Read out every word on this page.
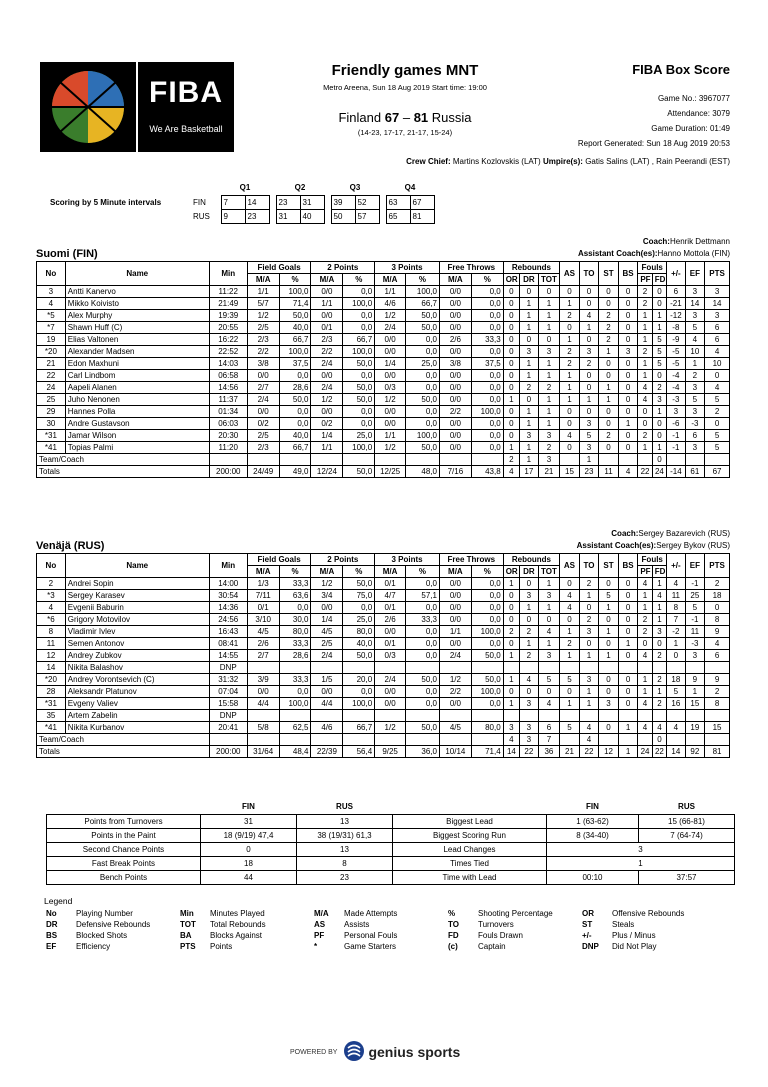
FIBA
We Are Basketball
Friendly games MNT
Metro Areena, Sun 18 Aug 2019 Start time: 19:00
Finland 67 – 81 Russia
(14-23, 17-17, 21-17, 15-24)
FIBA Box Score
Game No.: 3967077
Attendance: 3079
Game Duration: 01:49
Report Generated: Sun 18 Aug 2019 20:53
Crew Chief: Martins Kozlovskis (LAT) Umpire(s): Gatis Salins (LAT) , Rain Peerandi (EST)
		Q1			Q2			Q3			Q4	
Scoring by 5 Minute intervals	FIN	7	14		23	31		39	52		63	67
	RUS	9	23		31	40		50	57		65	81
Coach:Henrik Dettmann
Suomi (FIN)	Assistant Coach(es):Hanno Mottola (FIN)
No	Name	Min	Field Goals		2 Points		3 Points		Free Throws		Rebounds			AS	TO	ST	BS	Fouls		+/-	EF	PTS
			M/A	%	M/A	%	M/A	%	M/A	%	OR	DR	TOT					PF	FD			
3	Antti Kanervo	11:22	1/1	100,0	0/0	0,0	1/1	100,0	0/0	0,0	0	0	0	0	0	0	0	2	0	6	3	3
4	Mikko Koivisto	21:49	5/7	71,4	1/1	100,0	4/6	66,7	0/0	0,0	0	1	1	1	0	0	0	2	0	-21	14	14
*5	Alex Murphy	19:39	1/2	50,0	0/0	0,0	1/2	50,0	0/0	0,0	0	1	1	2	4	2	0	1	1	-12	3	3
*7	Shawn Huff (C)	20:55	2/5	40,0	0/1	0,0	2/4	50,0	0/0	0,0	0	1	1	0	1	2	0	1	1	-8	5	6
19	Elias Valtonen	16:22	2/3	66,7	2/3	66,7	0/0	0,0	2/6	33,3	0	0	0	1	0	2	0	1	5	-9	4	6
*20	Alexander Madsen	22:52	2/2	100,0	2/2	100,0	0/0	0,0	0/0	0,0	0	3	3	2	3	1	3	2	5	-5	10	4
21	Edon Maxhuni	14:03	3/8	37,5	2/4	50,0	1/4	25,0	3/8	37,5	0	1	1	2	2	0	0	1	5	-5	1	10
22	Carl Lindbom	06:58	0/0	0,0	0/0	0,0	0/0	0,0	0/0	0,0	0	1	1	1	0	0	0	1	0	-4	2	0
24	Aapeli Alanen	14:56	2/7	28,6	2/4	50,0	0/3	0,0	0/0	0,0	0	2	2	1	0	1	0	4	2	-4	3	4
25	Juho Nenonen	11:37	2/4	50,0	1/2	50,0	1/2	50,0	0/0	0,0	1	0	1	1	1	1	0	4	3	-3	5	5
29	Hannes Polla	01:34	0/0	0,0	0/0	0,0	0/0	0,0	2/2	100,0	0	1	1	0	0	0	0	0	1	3	3	2
30	Andre Gustavson	06:03	0/2	0,0	0/2	0,0	0/0	0,0	0/0	0,0	0	1	1	0	3	0	1	0	0	-6	-3	0
*31	Jamar Wilson	20:30	2/5	40,0	1/4	25,0	1/1	100,0	0/0	0,0	0	3	3	4	5	2	0	2	0	-1	6	5
*41	Topias Palmi	11:20	2/3	66,7	1/1	100,0	1/2	50,0	0/0	0,0	1	1	2	0	3	0	0	1	1	-1	3	5
Team/Coach											2	1	3		1				0			
Totals		200:00	24/49	49,0	12/24	50,0	12/25	48,0	7/16	43,8	4	17	21	15	23	11	4	22	24	-14	61	67
Coach:Sergey Bazarevich (RUS)
Venäjä (RUS)	Assistant Coach(es):Sergey Bykov (RUS)
No	Name	Min	Field Goals		2 Points		3 Points		Free Throws		Rebounds			AS	TO	ST	BS	Fouls		+/-	EF	PTS
			M/A	%	M/A	%	M/A	%	M/A	%	OR	DR	TOT					PF	FD			
2	Andrei Sopin	14:00	1/3	33,3	1/2	50,0	0/1	0,0	0/0	0,0	1	0	1	0	2	0	0	4	1	4	-1	2
*3	Sergey Karasev	30:54	7/11	63,6	3/4	75,0	4/7	57,1	0/0	0,0	0	3	3	4	1	5	0	1	4	11	25	18
4	Evgenii Baburin	14:36	0/1	0,0	0/0	0,0	0/1	0,0	0/0	0,0	0	1	1	4	0	1	0	1	1	8	5	0
*6	Grigory Motovilov	24:56	3/10	30,0	1/4	25,0	2/6	33,3	0/0	0,0	0	0	0	0	2	0	0	2	1	7	-1	8
8	Vladimir Ivlev	16:43	4/5	80,0	4/5	80,0	0/0	0,0	1/1	100,0	2	2	4	1	3	1	0	2	3	-2	11	9
11	Semen Antonov	08:41	2/6	33,3	2/5	40,0	0/1	0,0	0/0	0,0	0	1	1	2	0	0	1	0	0	1	-3	4
12	Andrey Zubkov	14:55	2/7	28,6	2/4	50,0	0/3	0,0	2/4	50,0	1	2	3	1	1	1	0	4	2	0	3	6
14	Nikita Balashov	DNP																				
*20	Andrey Vorontsevich (C)	31:32	3/9	33,3	1/5	20,0	2/4	50,0	1/2	50,0	1	4	5	5	3	0	0	1	2	18	9	9
28	Aleksandr Platunov	07:04	0/0	0,0	0/0	0,0	0/0	0,0	2/2	100,0	0	0	0	0	1	0	0	1	1	5	1	2
*31	Evgeny Valiev	15:58	4/4	100,0	4/4	100,0	0/0	0,0	0/0	0,0	1	3	4	1	1	3	0	4	2	16	15	8
35	Artem Zabelin	DNP																				
*41	Nikita Kurbanov	20:41	5/8	62,5	4/6	66,7	1/2	50,0	4/5	80,0	3	3	6	5	4	0	1	4	4	4	19	15
Team/Coach											4	3	7		4				0			
Totals		200:00	31/64	48,4	22/39	56,4	9/25	36,0	10/14	71,4	14	22	36	21	22	12	1	24	22	14	92	81
	FIN	RUS
Points from Turnovers	31	13
Points in the Paint	18 (9/19) 47,4	38 (19/31) 61,3
Second Chance Points	0	13
Fast Break Points	18	8
Bench Points	44	23
	FIN	RUS
Biggest Lead	1 (63-62)	15 (66-81)
Biggest Scoring Run	8 (34-40)	7 (64-74)
Lead Changes	3	
Times Tied	1	
Time with Lead	00:10	37:57
Legend
No	Playing Number	Min	Minutes Played	M/A	Made Attempts	%	Shooting Percentage	OR	Offensive Rebounds
DR	Defensive Rebounds	TOT	Total Rebounds	AS	Assists	TO	Turnovers	ST	Steals
BS	Blocked Shots	BA	Blocks Against	PF	Personal Fouls	FD	Fouls Drawn	+/-	Plus / Minus
EF	Efficiency	PTS	Points	*	Game Starters	(c)	Captain	DNP	Did Not Play
POWERED BY genius sports
